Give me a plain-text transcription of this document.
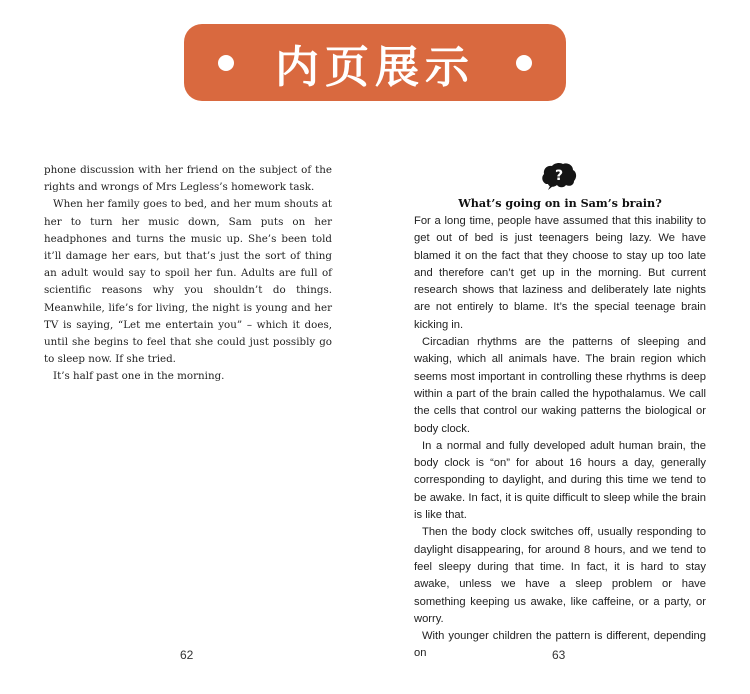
内页展示

phone discussion with her friend on the subject of the rights and wrongs of Mrs Legless’s homework task.

When her family goes to bed, and her mum shouts at her to turn her music down, Sam puts on her headphones and turns the music up. She’s been told it’ll damage her ears, but that’s just the sort of thing an adult would say to spoil her fun. Adults are full of scientific reasons why you shouldn’t do things. Meanwhile, life’s for living, the night is young and her TV is saying, “Let me entertain you” – which it does, until she begins to feel that she could just possibly go to sleep now. If she tried.

It’s half past one in the morning.

?
What’s going on in Sam’s brain?

For a long time, people have assumed that this inability to get out of bed is just teenagers being lazy. We have blamed it on the fact that they choose to stay up too late and therefore can’t get up in the morning. But current research shows that laziness and deliberately late nights are not entirely to blame. It’s the special teenage brain kicking in.

Circadian rhythms are the patterns of sleeping and waking, which all animals have. The brain region which seems most important in controlling these rhythms is deep within a part of the brain called the hypothalamus. We call the cells that control our waking patterns the biological or body clock.

In a normal and fully developed adult human brain, the body clock is “on” for about 16 hours a day, generally corresponding to daylight, and during this time we tend to be awake. In fact, it is quite difficult to sleep while the brain is like that.

Then the body clock switches off, usually responding to daylight disappearing, for around 8 hours, and we tend to feel sleepy during that time. In fact, it is hard to stay awake, unless we have a sleep problem or have something keeping us awake, like caffeine, or a party, or worry.

With younger children the pattern is different, depending on

62	63
